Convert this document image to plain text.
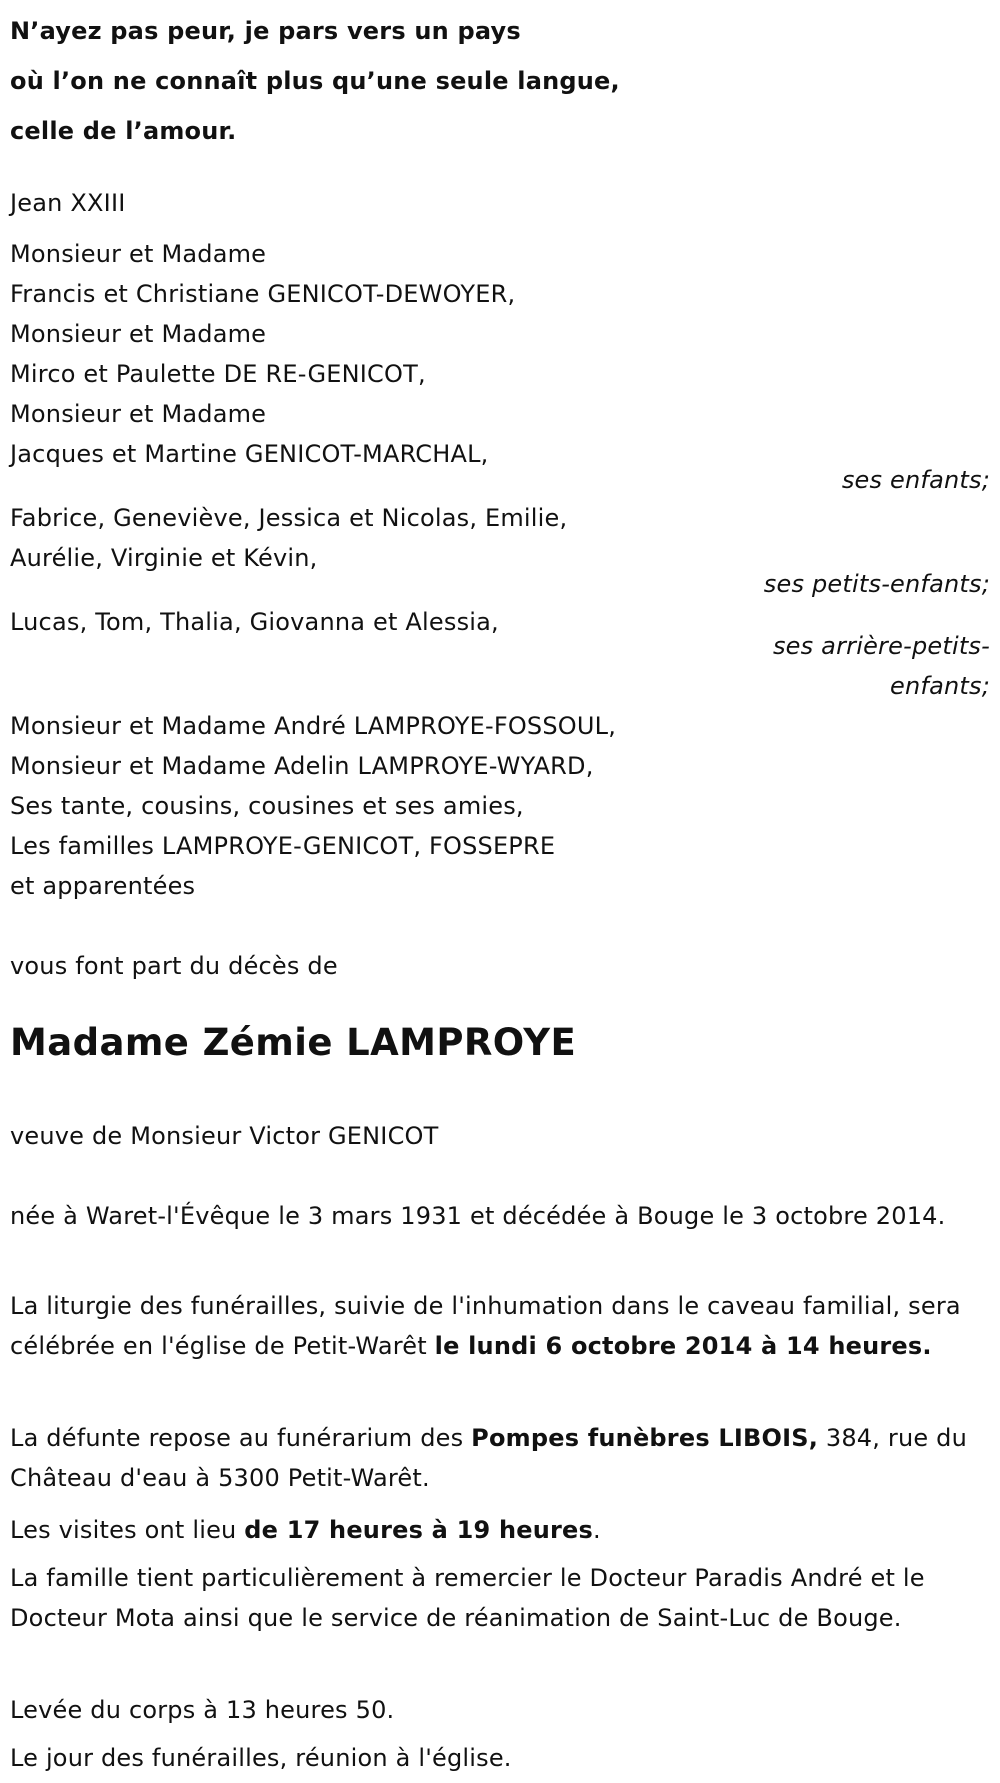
N’ayez pas peur, je pars vers un pays
où l’on ne connaît plus qu’une seule langue,
celle de l’amour.
Jean XXIII
Monsieur et Madame
Francis et Christiane GENICOT-DEWOYER,
Monsieur et Madame
Mirco et Paulette DE RE-GENICOT,
Monsieur et Madame
Jacques et Martine GENICOT-MARCHAL,
ses enfants;
Fabrice, Geneviève, Jessica et Nicolas, Emilie,
Aurélie, Virginie et Kévin,
ses petits-enfants;
Lucas, Tom, Thalia, Giovanna et Alessia,
ses arrière-petits-
enfants;
Monsieur et Madame André LAMPROYE-FOSSOUL,
Monsieur et Madame Adelin LAMPROYE-WYARD,
Ses tante, cousins, cousines et ses amies,
Les familles LAMPROYE-GENICOT, FOSSEPRE
et apparentées
vous font part du décès de
Madame Zémie LAMPROYE
veuve de Monsieur Victor GENICOT
née à Waret-l'Évêque le 3 mars 1931 et décédée à Bouge le 3 octobre 2014.
La liturgie des funérailles, suivie de l'inhumation dans le caveau familial, sera célébrée en l'église de Petit-Warêt le lundi 6 octobre 2014 à 14 heures.
La défunte repose au funérarium des Pompes funèbres LIBOIS, 384, rue du Château d'eau à 5300 Petit-Warêt.
Les visites ont lieu de 17 heures à 19 heures.
La famille tient particulièrement à remercier le Docteur Paradis André et le Docteur Mota ainsi que le service de réanimation de Saint-Luc de Bouge.
Levée du corps à 13 heures 50.
Le jour des funérailles, réunion à l'église.
